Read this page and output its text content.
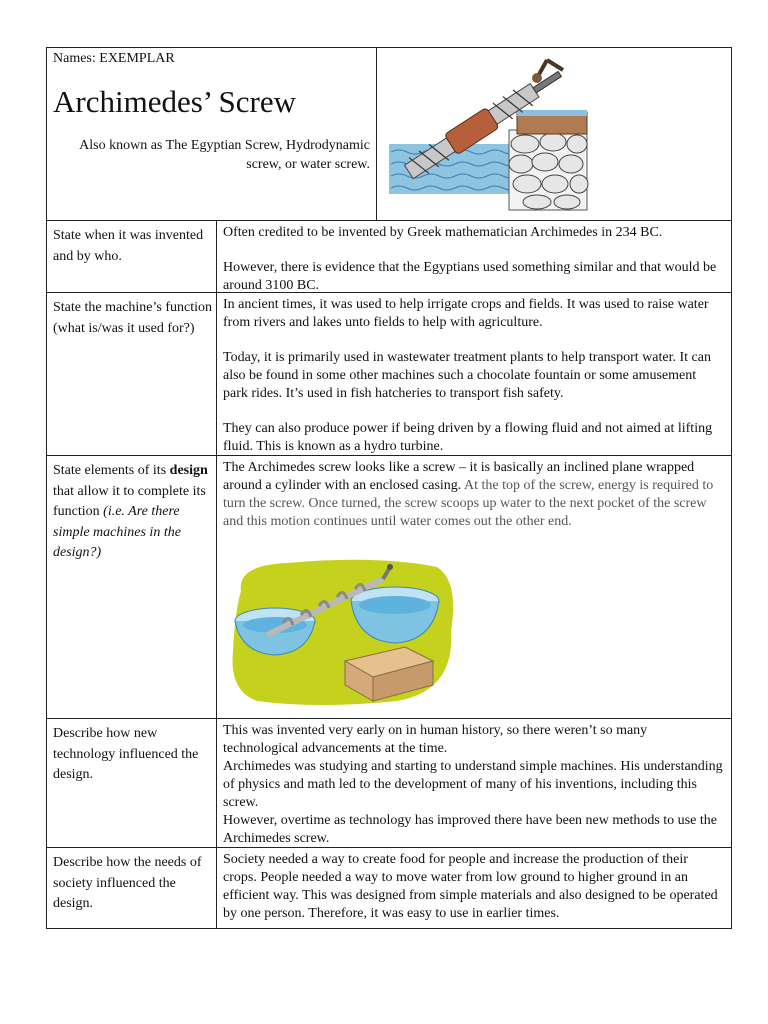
Names: EXEMPLAR
Archimedes’ Screw
Also known as The Egyptian Screw, Hydrodynamic screw, or water screw.
State when it was invented and by who.

Often credited to be invented by Greek mathematician Archimedes in 234 BC.

However, there is evidence that the Egyptians used something similar and that would be around 3100 BC.

State the machine’s function (what is/was it used for?)

In ancient times, it was used to help irrigate crops and fields. It was used to raise water from rivers and lakes unto fields to help with agriculture.

Today, it is primarily used in wastewater treatment plants to help transport water. It can also be found in some other machines such a chocolate fountain or some amusement park rides. It’s used in fish hatcheries to transport fish safety.

They can also produce power if being driven by a flowing fluid and not aimed at lifting fluid. This is known as a hydro turbine.

State elements of its design that allow it to complete its function (i.e. Are there simple machines in the design?)

The Archimedes screw looks like a screw – it is basically an inclined plane wrapped around a cylinder with an enclosed casing. At the top of the screw, energy is required to turn the screw. Once turned, the screw scoops up water to the next pocket of the screw and this motion continues until water comes out the other end.

Describe how new technology influenced the design.
This was invented very early on in human history, so there weren’t so many technological advancements at the time.
Archimedes was studying and starting to understand simple machines. His understanding of physics and math led to the development of many of his inventions, including this screw.
However, overtime as technology has improved there have been new methods to use the Archimedes screw.
Describe how the needs of society influenced the design.
Society needed a way to create food for people and increase the production of their crops. People needed a way to move water from low ground to higher ground in an efficient way. This was designed from simple materials and also designed to be operated by one person. Therefore, it was easy to use in earlier times.
